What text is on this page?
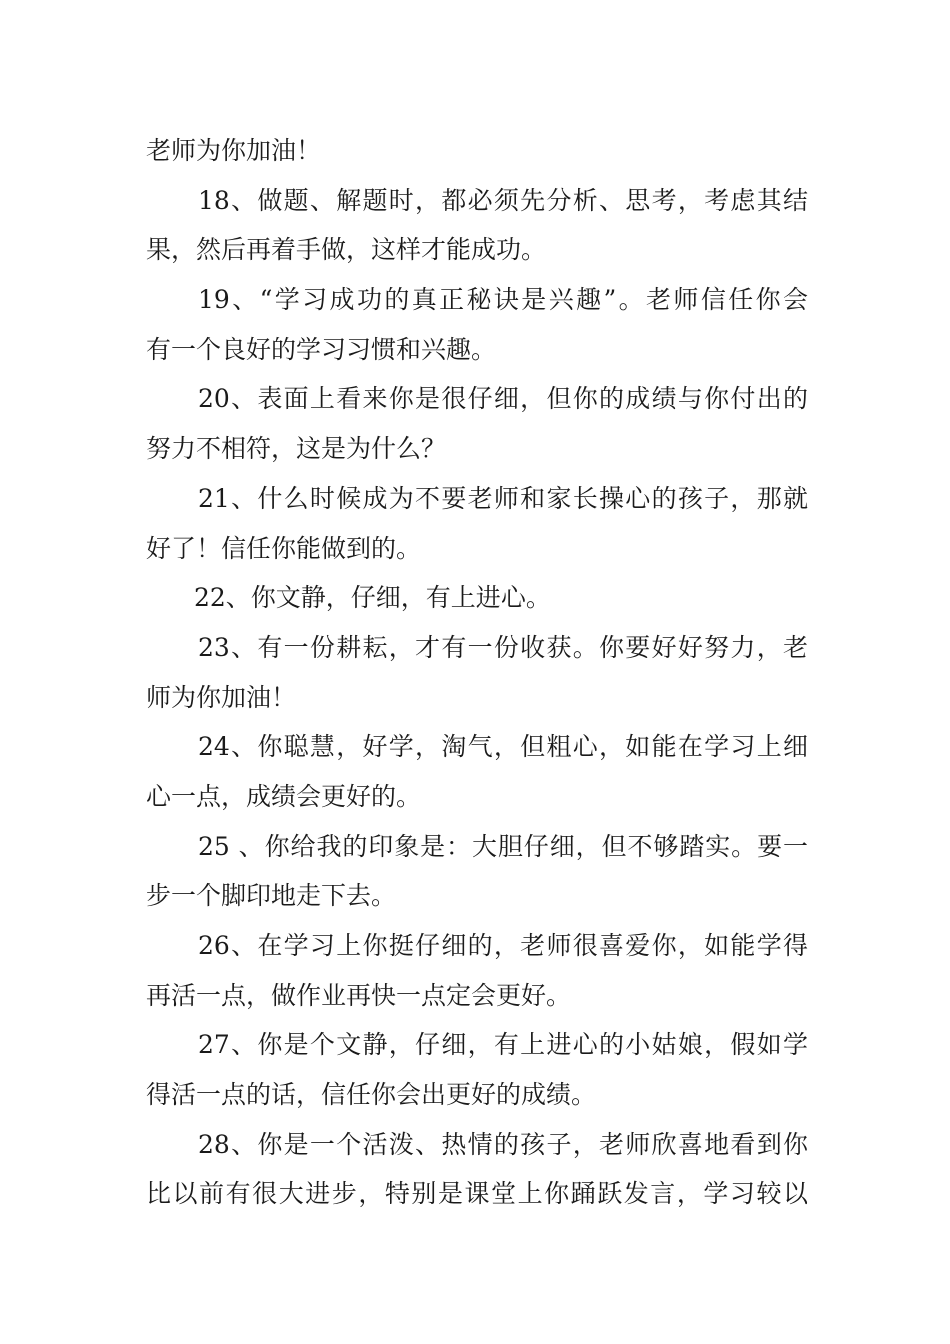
老师为你加油！
18、做题、解题时，都必须先分析、思考，考虑其结
果，然后再着手做，这样才能成功。
19、“学习成功的真正秘诀是兴趣”。老师信任你会
有一个良好的学习习惯和兴趣。
20、表面上看来你是很仔细，但你的成绩与你付出的
努力不相符，这是为什么？
21、什么时候成为不要老师和家长操心的孩子，那就
好了！信任你能做到的。
22、你文静，仔细，有上进心。
23、有一份耕耘，才有一份收获。你要好好努力，老
师为你加油！
24、你聪慧，好学，淘气，但粗心，如能在学习上细
心一点，成绩会更好的。
25 、你给我的印象是：大胆仔细，但不够踏实。要一
步一个脚印地走下去。
26、在学习上你挺仔细的，老师很喜爱你，如能学得
再活一点，做作业再快一点定会更好。
27、你是个文静，仔细，有上进心的小姑娘，假如学
得活一点的话，信任你会出更好的成绩。
28、你是一个活泼、热情的孩子，老师欣喜地看到你
比以前有很大进步，特别是课堂上你踊跃发言，学习较以
